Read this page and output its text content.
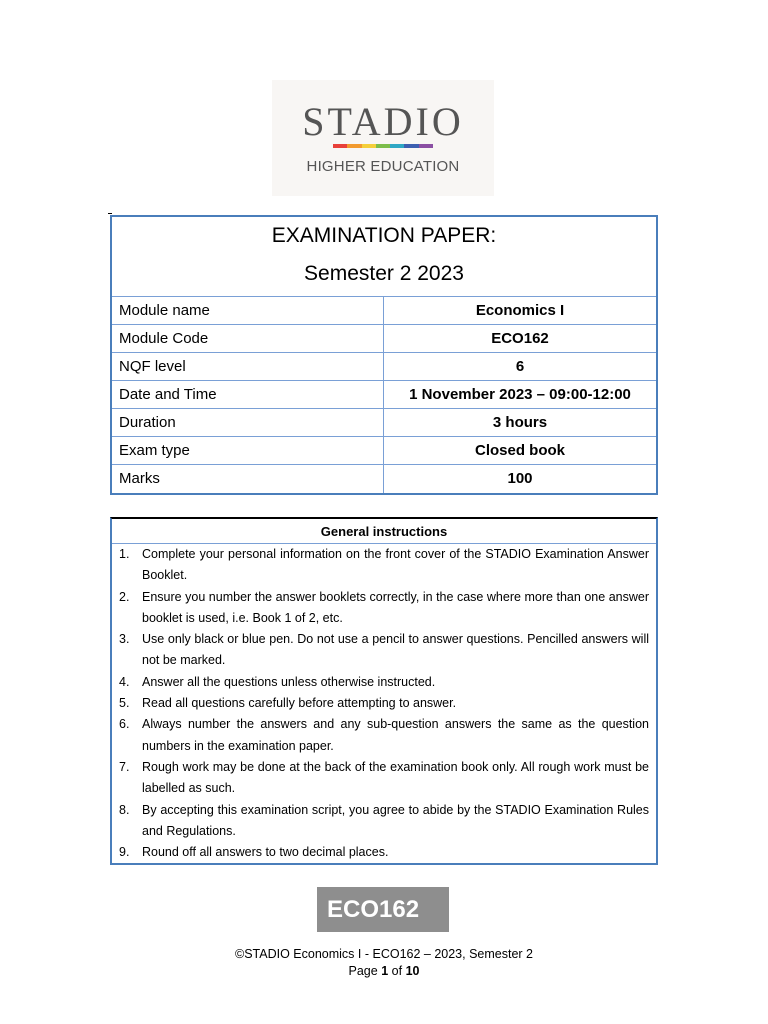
STADIO
HIGHER EDUCATION
EXAMINATION PAPER:
Semester 2 2023
Module name	Economics I
Module Code	ECO162
NQF level	6
Date and Time	1 November 2023 – 09:00-12:00
Duration	3 hours
Exam type	Closed book
Marks	100
General instructions
1. Complete your personal information on the front cover of the STADIO Examination Answer Booklet.
2. Ensure you number the answer booklets correctly, in the case where more than one answer booklet is used, i.e. Book 1 of 2, etc.
3. Use only black or blue pen. Do not use a pencil to answer questions. Pencilled answers will not be marked.
4. Answer all the questions unless otherwise instructed.
5. Read all questions carefully before attempting to answer.
6. Always number the answers and any sub-question answers the same as the question numbers in the examination paper.
7. Rough work may be done at the back of the examination book only. All rough work must be labelled as such.
8. By accepting this examination script, you agree to abide by the STADIO Examination Rules and Regulations.
9. Round off all answers to two decimal places.
ECO162
©STADIO Economics I - ECO162 – 2023, Semester 2
Page 1 of 10
